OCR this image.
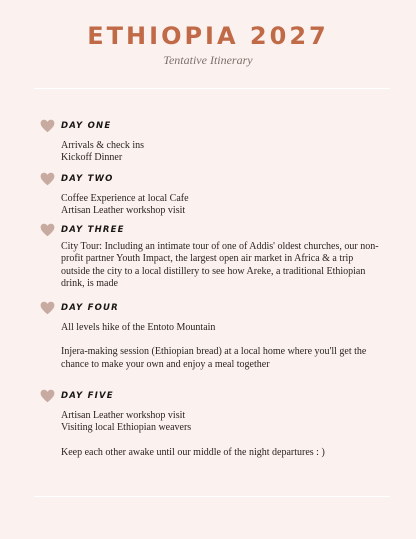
ETHIOPIA 2027
Tentative Itinerary
DAY ONE

Arrivals & check ins

Kickoff Dinner

DAY TWO

Coffee Experience at local Cafe

Artisan Leather workshop visit

DAY THREE

City Tour: Including an intimate tour of one of Addis' oldest churches, our non-profit partner Youth Impact, the largest open air market in Africa & a trip outside the city to a local distillery to see how Areke, a traditional Ethiopian drink, is made

DAY FOUR

All levels hike of the Entoto Mountain

Injera-making session (Ethiopian bread) at a local home where you'll get the chance to make your own and enjoy a meal together

DAY FIVE

Artisan Leather workshop visit

Visiting local Ethiopian weavers

Keep each other awake until our middle of the night departures : )
